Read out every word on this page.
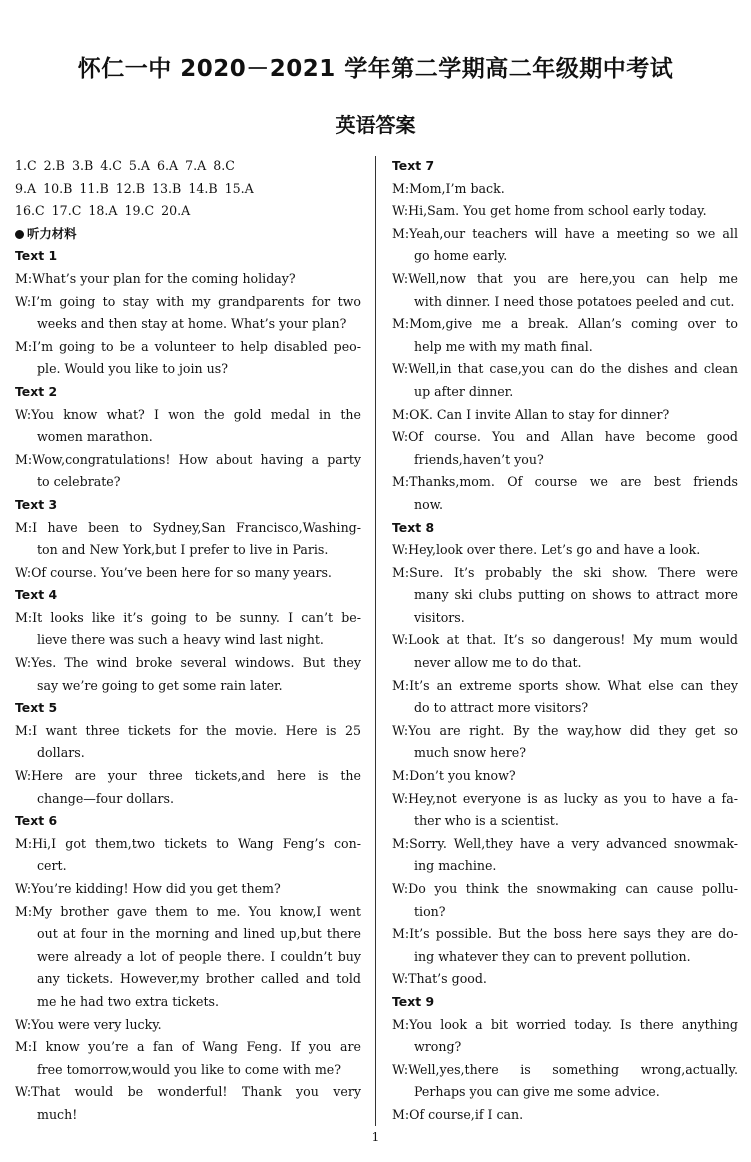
怀仁一中 2020－2021 学年第二学期高二年级期中考试
英语答案
1.C 2.B 3.B 4.C 5.A 6.A 7.A 8.C
9.A 10.B 11.B 12.B 13.B 14.B 15.A
16.C 17.C 18.A 19.C 20.A
听力材料
Text 1
M:What’s your plan for the coming holiday?
W:I’m going to stay with my grandparents for two
weeks and then stay at home. What’s your plan?
M:I’m going to be a volunteer to help disabled peo-
ple. Would you like to join us?
Text 2
W:You know what? I won the gold medal in the
women marathon.
M:Wow,congratulations! How about having a party
to celebrate?
Text 3
M:I have been to Sydney,San Francisco,Washing-
ton and New York,but I prefer to live in Paris.
W:Of course. You’ve been here for so many years.
Text 4
M:It looks like it’s going to be sunny. I can’t be-
lieve there was such a heavy wind last night.
W:Yes. The wind broke several windows. But they
say we’re going to get some rain later.
Text 5
M:I want three tickets for the movie. Here is 25
dollars.
W:Here are your three tickets,and here is the
change—four dollars.
Text 6
M:Hi,I got them,two tickets to Wang Feng’s con-
cert.
W:You’re kidding! How did you get them?
M:My brother gave them to me. You know,I went
out at four in the morning and lined up,but there
were already a lot of people there. I couldn’t buy
any tickets. However,my brother called and told
me he had two extra tickets.
W:You were very lucky.
M:I know you’re a fan of Wang Feng. If you are
free tomorrow,would you like to come with me?
W:That would be wonderful! Thank you very
much!
Text 7
M:Mom,I’m back.
W:Hi,Sam. You get home from school early today.
M:Yeah,our teachers will have a meeting so we all
go home early.
W:Well,now that you are here,you can help me
with dinner. I need those potatoes peeled and cut.
M:Mom,give me a break. Allan’s coming over to
help me with my math final.
W:Well,in that case,you can do the dishes and clean
up after dinner.
M:OK. Can I invite Allan to stay for dinner?
W:Of course. You and Allan have become good
friends,haven’t you?
M:Thanks,mom. Of course we are best friends
now.
Text 8
W:Hey,look over there. Let’s go and have a look.
M:Sure. It’s probably the ski show. There were
many ski clubs putting on shows to attract more
visitors.
W:Look at that. It’s so dangerous! My mum would
never allow me to do that.
M:It’s an extreme sports show. What else can they
do to attract more visitors?
W:You are right. By the way,how did they get so
much snow here?
M:Don’t you know?
W:Hey,not everyone is as lucky as you to have a fa-
ther who is a scientist.
M:Sorry. Well,they have a very advanced snowmak-
ing machine.
W:Do you think the snowmaking can cause pollu-
tion?
M:It’s possible. But the boss here says they are do-
ing whatever they can to prevent pollution.
W:That’s good.
Text 9
M:You look a bit worried today. Is there anything
wrong?
W:Well,yes,there is something wrong,actually.
Perhaps you can give me some advice.
M:Of course,if I can.
1
